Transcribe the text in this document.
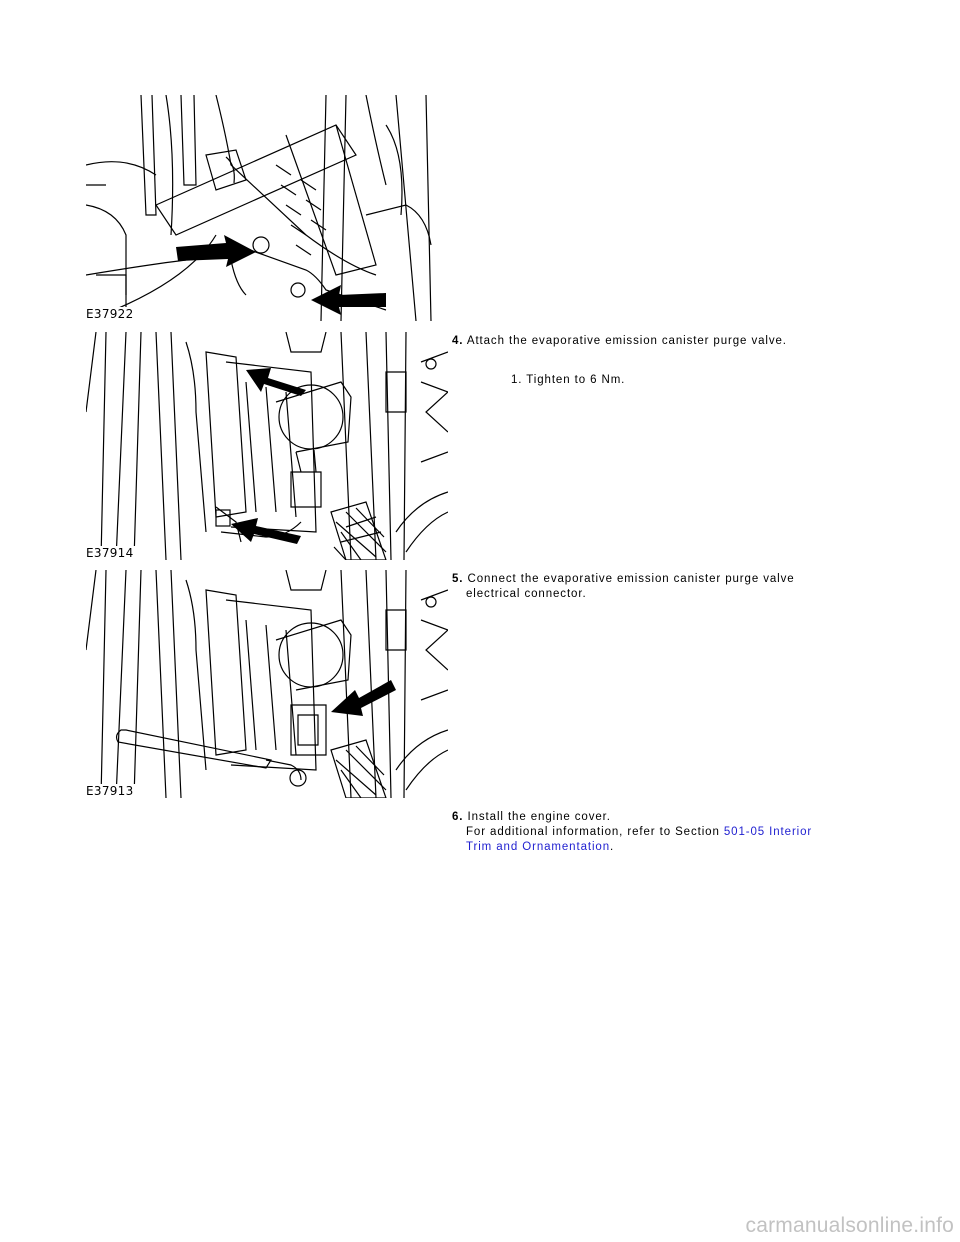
E37922
E37914
E37913
4. Attach the evaporative emission canister purge valve.
1. Tighten to 6 Nm.
5. Connect the evaporative emission canister purge valve
electrical connector.
6. Install the engine cover.
For additional information, refer to Section 501-05 Interior
Trim and Ornamentation.
carmanualsonline.info
